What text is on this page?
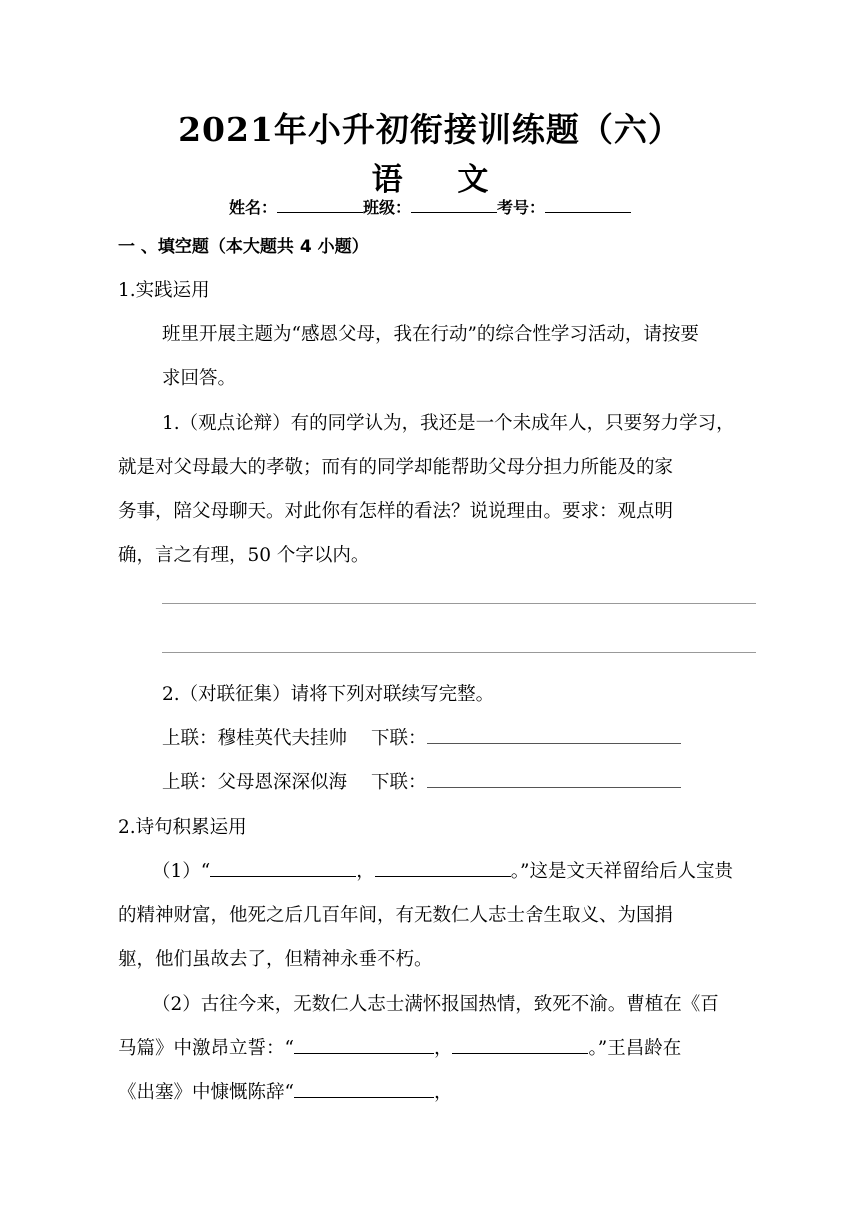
2021年小升初衔接训练题（六）
语 文
姓名：	班级：	考号：
一 、填空题（本大题共 4 小题）
1.实践运用
班里开展主题为“感恩父母，我在行动”的综合性学习活动，请按要
求回答。
1.（观点论辩）有的同学认为，我还是一个未成年人，只要努力学习，
就是对父母最大的孝敬；而有的同学却能帮助父母分担力所能及的家
务事，陪父母聊天。对此你有怎样的看法？说说理由。要求：观点明
确，言之有理，50 个字以内。
2.（对联征集）请将下列对联续写完整。
上联：穆桂英代夫挂帅 下联：
上联：父母恩深深似海 下联：
2.诗句积累运用
（1）“	，	。”这是文天祥留给后人宝贵
的精神财富，他死之后几百年间，有无数仁人志士舍生取义、为国捐
躯，他们虽故去了，但精神永垂不朽。
（2）古往今来，无数仁人志士满怀报国热情，致死不渝。曹植在《百
马篇》中激昂立誓：“	，	。”王昌龄在
《出塞》中慷慨陈辞“	，
